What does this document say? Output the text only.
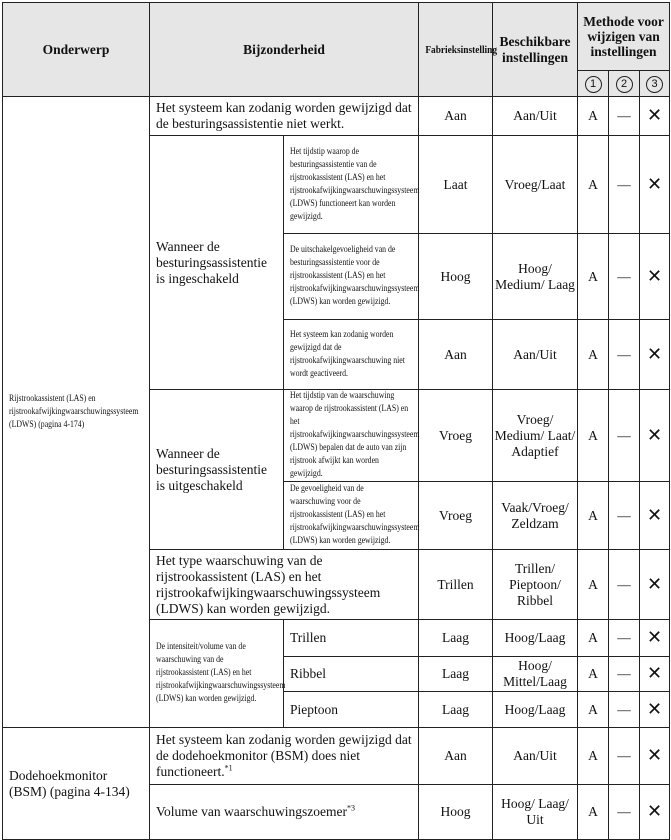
Onderwerp	Bijzonderheid		Fabrieksinstelling	Beschikbare instellingen	Methode voor wijzigen van instellingen		
					1	2	3

Rijstrookassistent (LAS) en rijstrookafwijkingwaarschuwingssysteem (LDWS) (pagina 4-174)	Het systeem kan zodanig worden gewijzigd dat de besturingsassistentie niet werkt.		Aan	Aan/Uit	A	—	✕
	Wanneer de besturingsassistentie is ingeschakeld	Het tijdstip waarop de besturingsassistentie van de rijstrookassistent (LAS) en het rijstrookafwijkingwaarschuwingssysteem (LDWS) functioneert kan worden gewijzigd.	Laat	Vroeg/Laat	A	—	✕

		De uitschakelgevoeligheid van de besturingsassistentie voor de rijstrookassistent (LAS) en het rijstrookafwijkingwaarschuwingssysteem (LDWS) kan worden gewijzigd.	Hoog	Hoog/ Medium/ Laag	A	—	✕

		Het systeem kan zodanig worden gewijzigd dat de rijstrookafwijkingwaarschuwing niet wordt geactiveerd.	Aan	Aan/Uit	A	—	✕
	Wanneer de besturingsassistentie is uitgeschakeld	Het tijdstip van de waarschuwing waarop de rijstrookassistent (LAS) en het rijstrookafwijkingwaarschuwingssysteem (LDWS) bepalen dat de auto van zijn rijstrook afwijkt kan worden gewijzigd.	Vroeg	Vroeg/ Medium/ Laat/ Adaptief	A	—	✕

		De gevoeligheid van de waarschuwing voor de rijstrookassistent (LAS) en het rijstrookafwijkingwaarschuwingssysteem (LDWS) kan worden gewijzigd.	Vroeg	Vaak/Vroeg/ Zeldzam	A	—	✕
	Het type waarschuwing van de rijstrookassistent (LAS) en het rijstrookafwijkingwaarschuwingssysteem (LDWS) kan worden gewijzigd.		Trillen	Trillen/ Pieptoon/ Ribbel	A	—	✕

	De intensiteit/volume van de waarschuwing van de rijstrookassistent (LAS) en het rijstrookafwijkingwaarschuwingssysteem (LDWS) kan worden gewijzigd.	Trillen	Laag	Hoog/Laag	A	—	✕
		Ribbel	Laag	Hoog/ Mittel/Laag	A	—	✕
		Pieptoon	Laag	Hoog/Laag	A	—	✕
Dodehoekmonitor (BSM) (pagina 4-134)	Het systeem kan zodanig worden gewijzigd dat de dodehoekmonitor (BSM) does niet functioneert.$^{*1}$		Aan	Aan/Uit	A	—	✕
	Volume van waarschuwingszoemer$^{*3}$		Hoog	Hoog/ Laag/ Uit	A	—	✕
